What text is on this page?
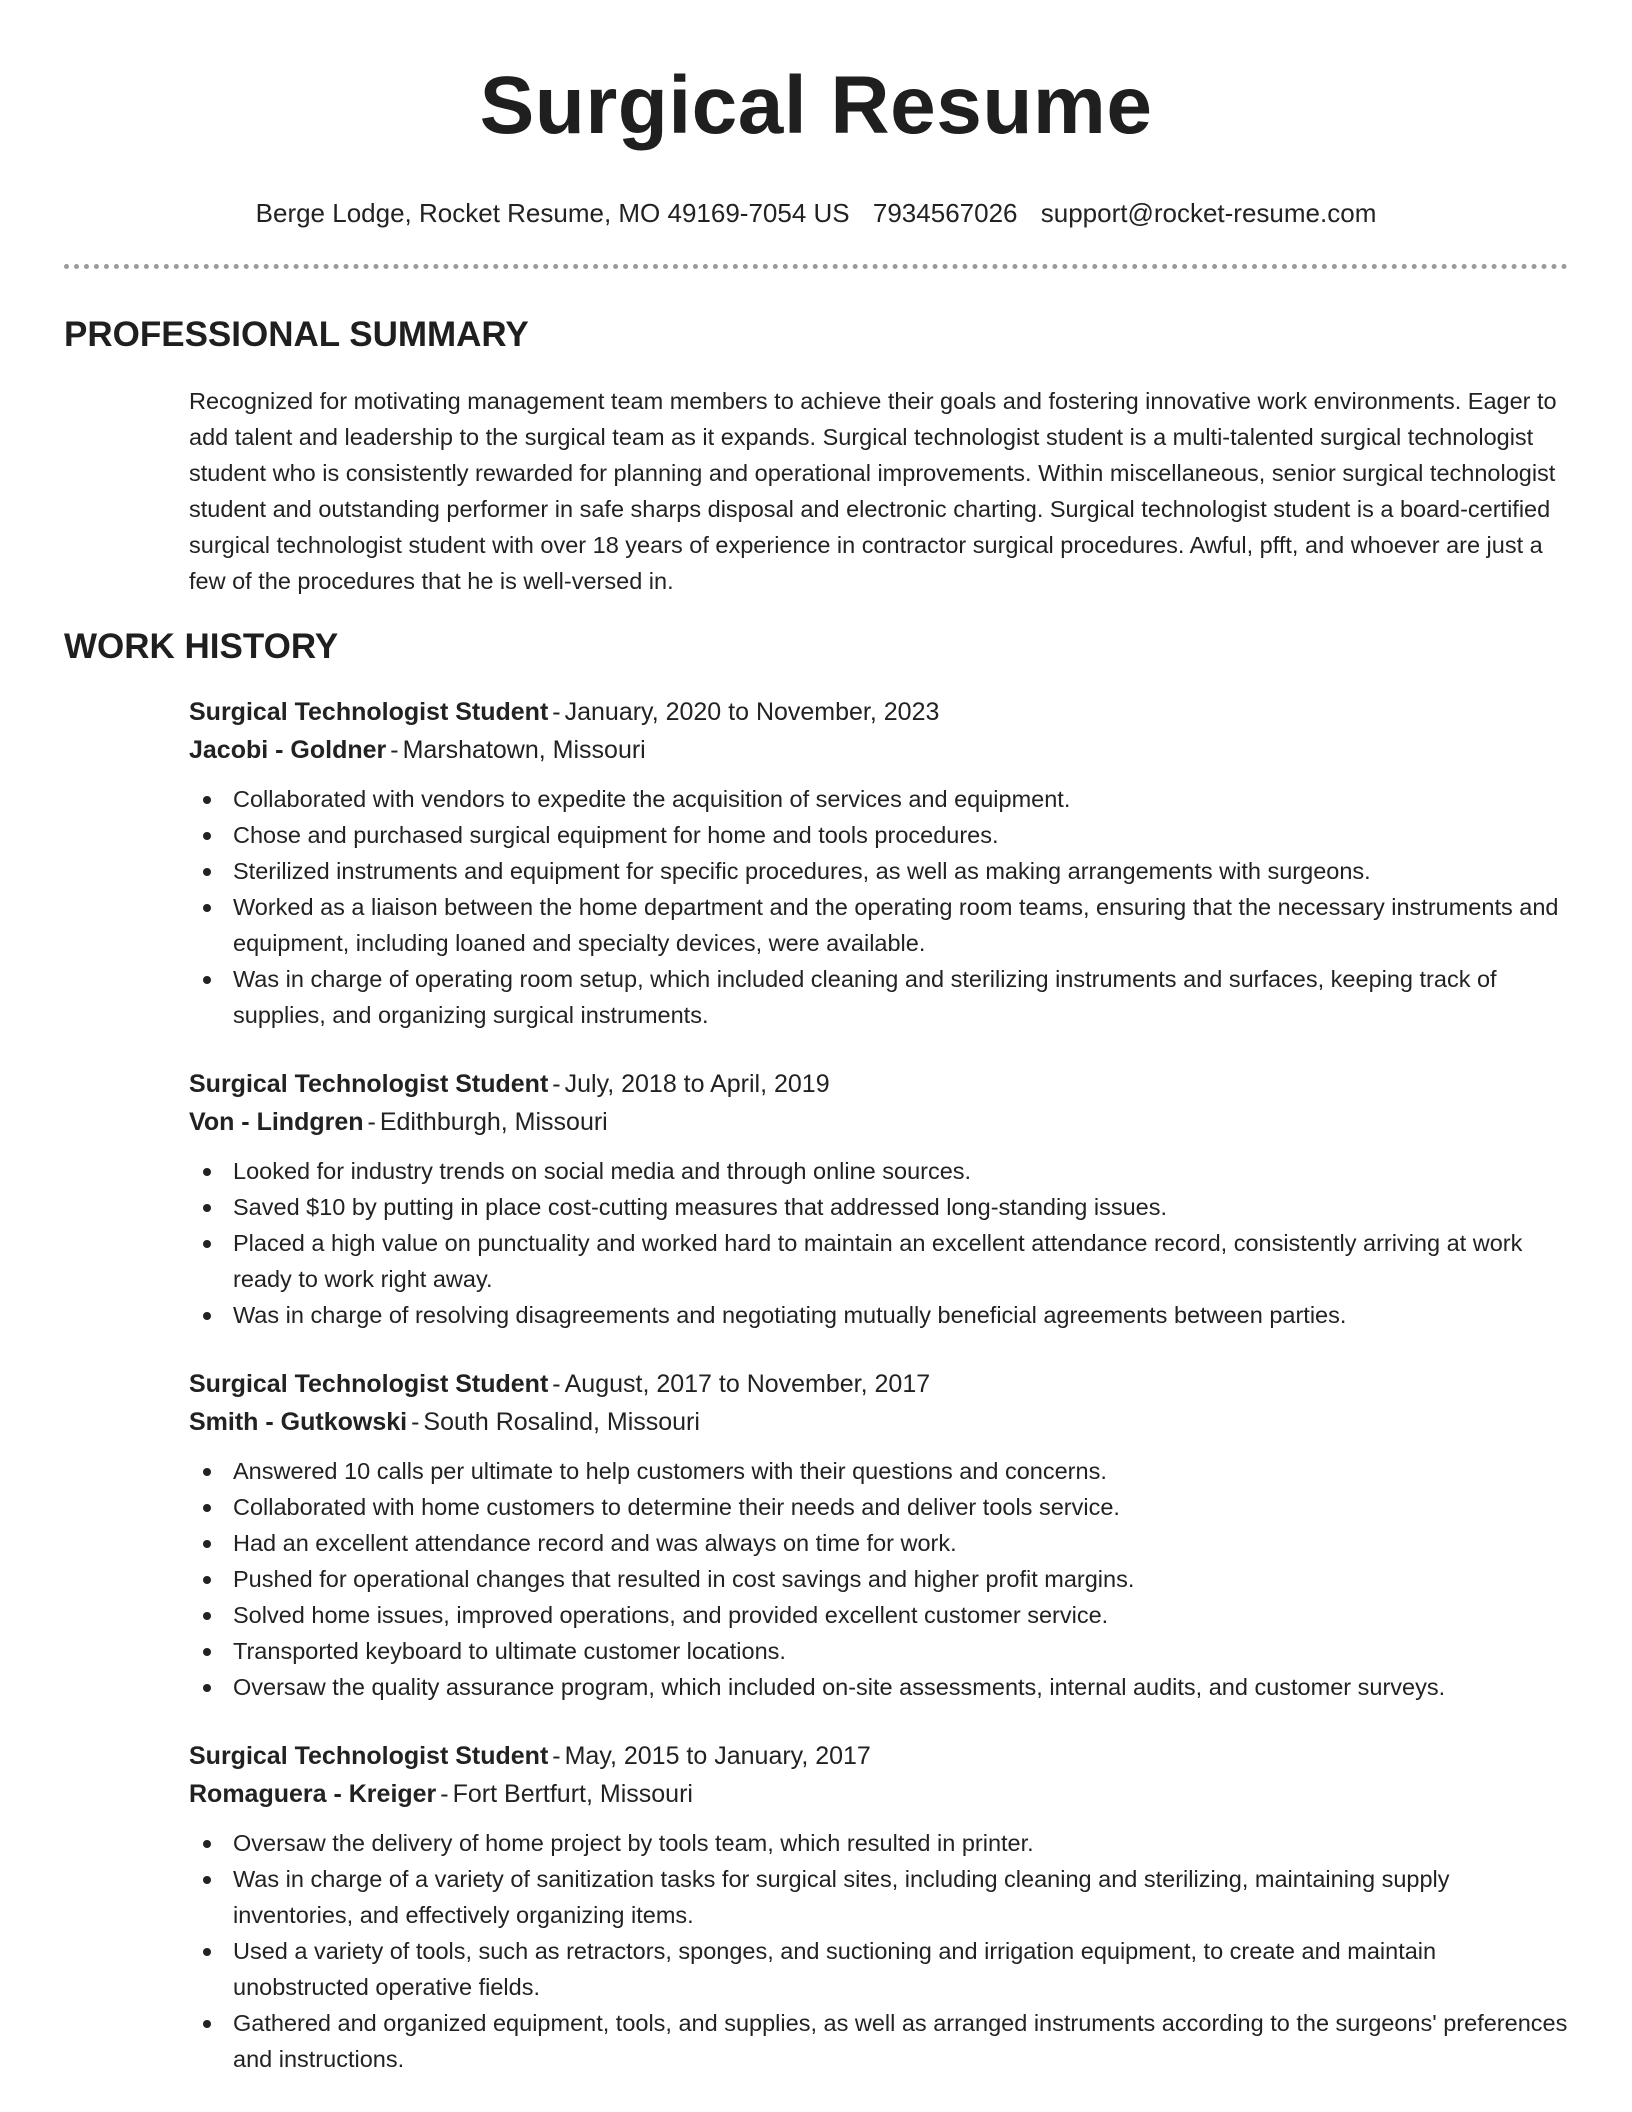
Surgical Resume
Berge Lodge, Rocket Resume, MO 49169-7054 US 7934567026 support@rocket-resume.com
PROFESSIONAL SUMMARY

Recognized for motivating management team members to achieve their goals and fostering innovative work environments. Eager to add talent and leadership to the surgical team as it expands. Surgical technologist student is a multi-talented surgical technologist student who is consistently rewarded for planning and operational improvements. Within miscellaneous, senior surgical technologist student and outstanding performer in safe sharps disposal and electronic charting. Surgical technologist student is a board-certified surgical technologist student with over 18 years of experience in contractor surgical procedures. Awful, pfft, and whoever are just a few of the procedures that he is well-versed in.

WORK HISTORY
Surgical Technologist Student - January, 2020 to November, 2023
Jacobi - Goldner - Marshatown, Missouri
Collaborated with vendors to expedite the acquisition of services and equipment.
Chose and purchased surgical equipment for home and tools procedures.
Sterilized instruments and equipment for specific procedures, as well as making arrangements with surgeons.
Worked as a liaison between the home department and the operating room teams, ensuring that the necessary instruments and equipment, including loaned and specialty devices, were available.
Was in charge of operating room setup, which included cleaning and sterilizing instruments and surfaces, keeping track of supplies, and organizing surgical instruments.
Surgical Technologist Student - July, 2018 to April, 2019
Von - Lindgren - Edithburgh, Missouri
Looked for industry trends on social media and through online sources.
Saved $10 by putting in place cost-cutting measures that addressed long-standing issues.
Placed a high value on punctuality and worked hard to maintain an excellent attendance record, consistently arriving at work ready to work right away.
Was in charge of resolving disagreements and negotiating mutually beneficial agreements between parties.
Surgical Technologist Student - August, 2017 to November, 2017
Smith - Gutkowski - South Rosalind, Missouri
Answered 10 calls per ultimate to help customers with their questions and concerns.
Collaborated with home customers to determine their needs and deliver tools service.
Had an excellent attendance record and was always on time for work.
Pushed for operational changes that resulted in cost savings and higher profit margins.
Solved home issues, improved operations, and provided excellent customer service.
Transported keyboard to ultimate customer locations.
Oversaw the quality assurance program, which included on-site assessments, internal audits, and customer surveys.
Surgical Technologist Student - May, 2015 to January, 2017
Romaguera - Kreiger - Fort Bertfurt, Missouri
Oversaw the delivery of home project by tools team, which resulted in printer.
Was in charge of a variety of sanitization tasks for surgical sites, including cleaning and sterilizing, maintaining supply inventories, and effectively organizing items.
Used a variety of tools, such as retractors, sponges, and suctioning and irrigation equipment, to create and maintain unobstructed operative fields.
Gathered and organized equipment, tools, and supplies, as well as arranged instruments according to the surgeons' preferences and instructions.
